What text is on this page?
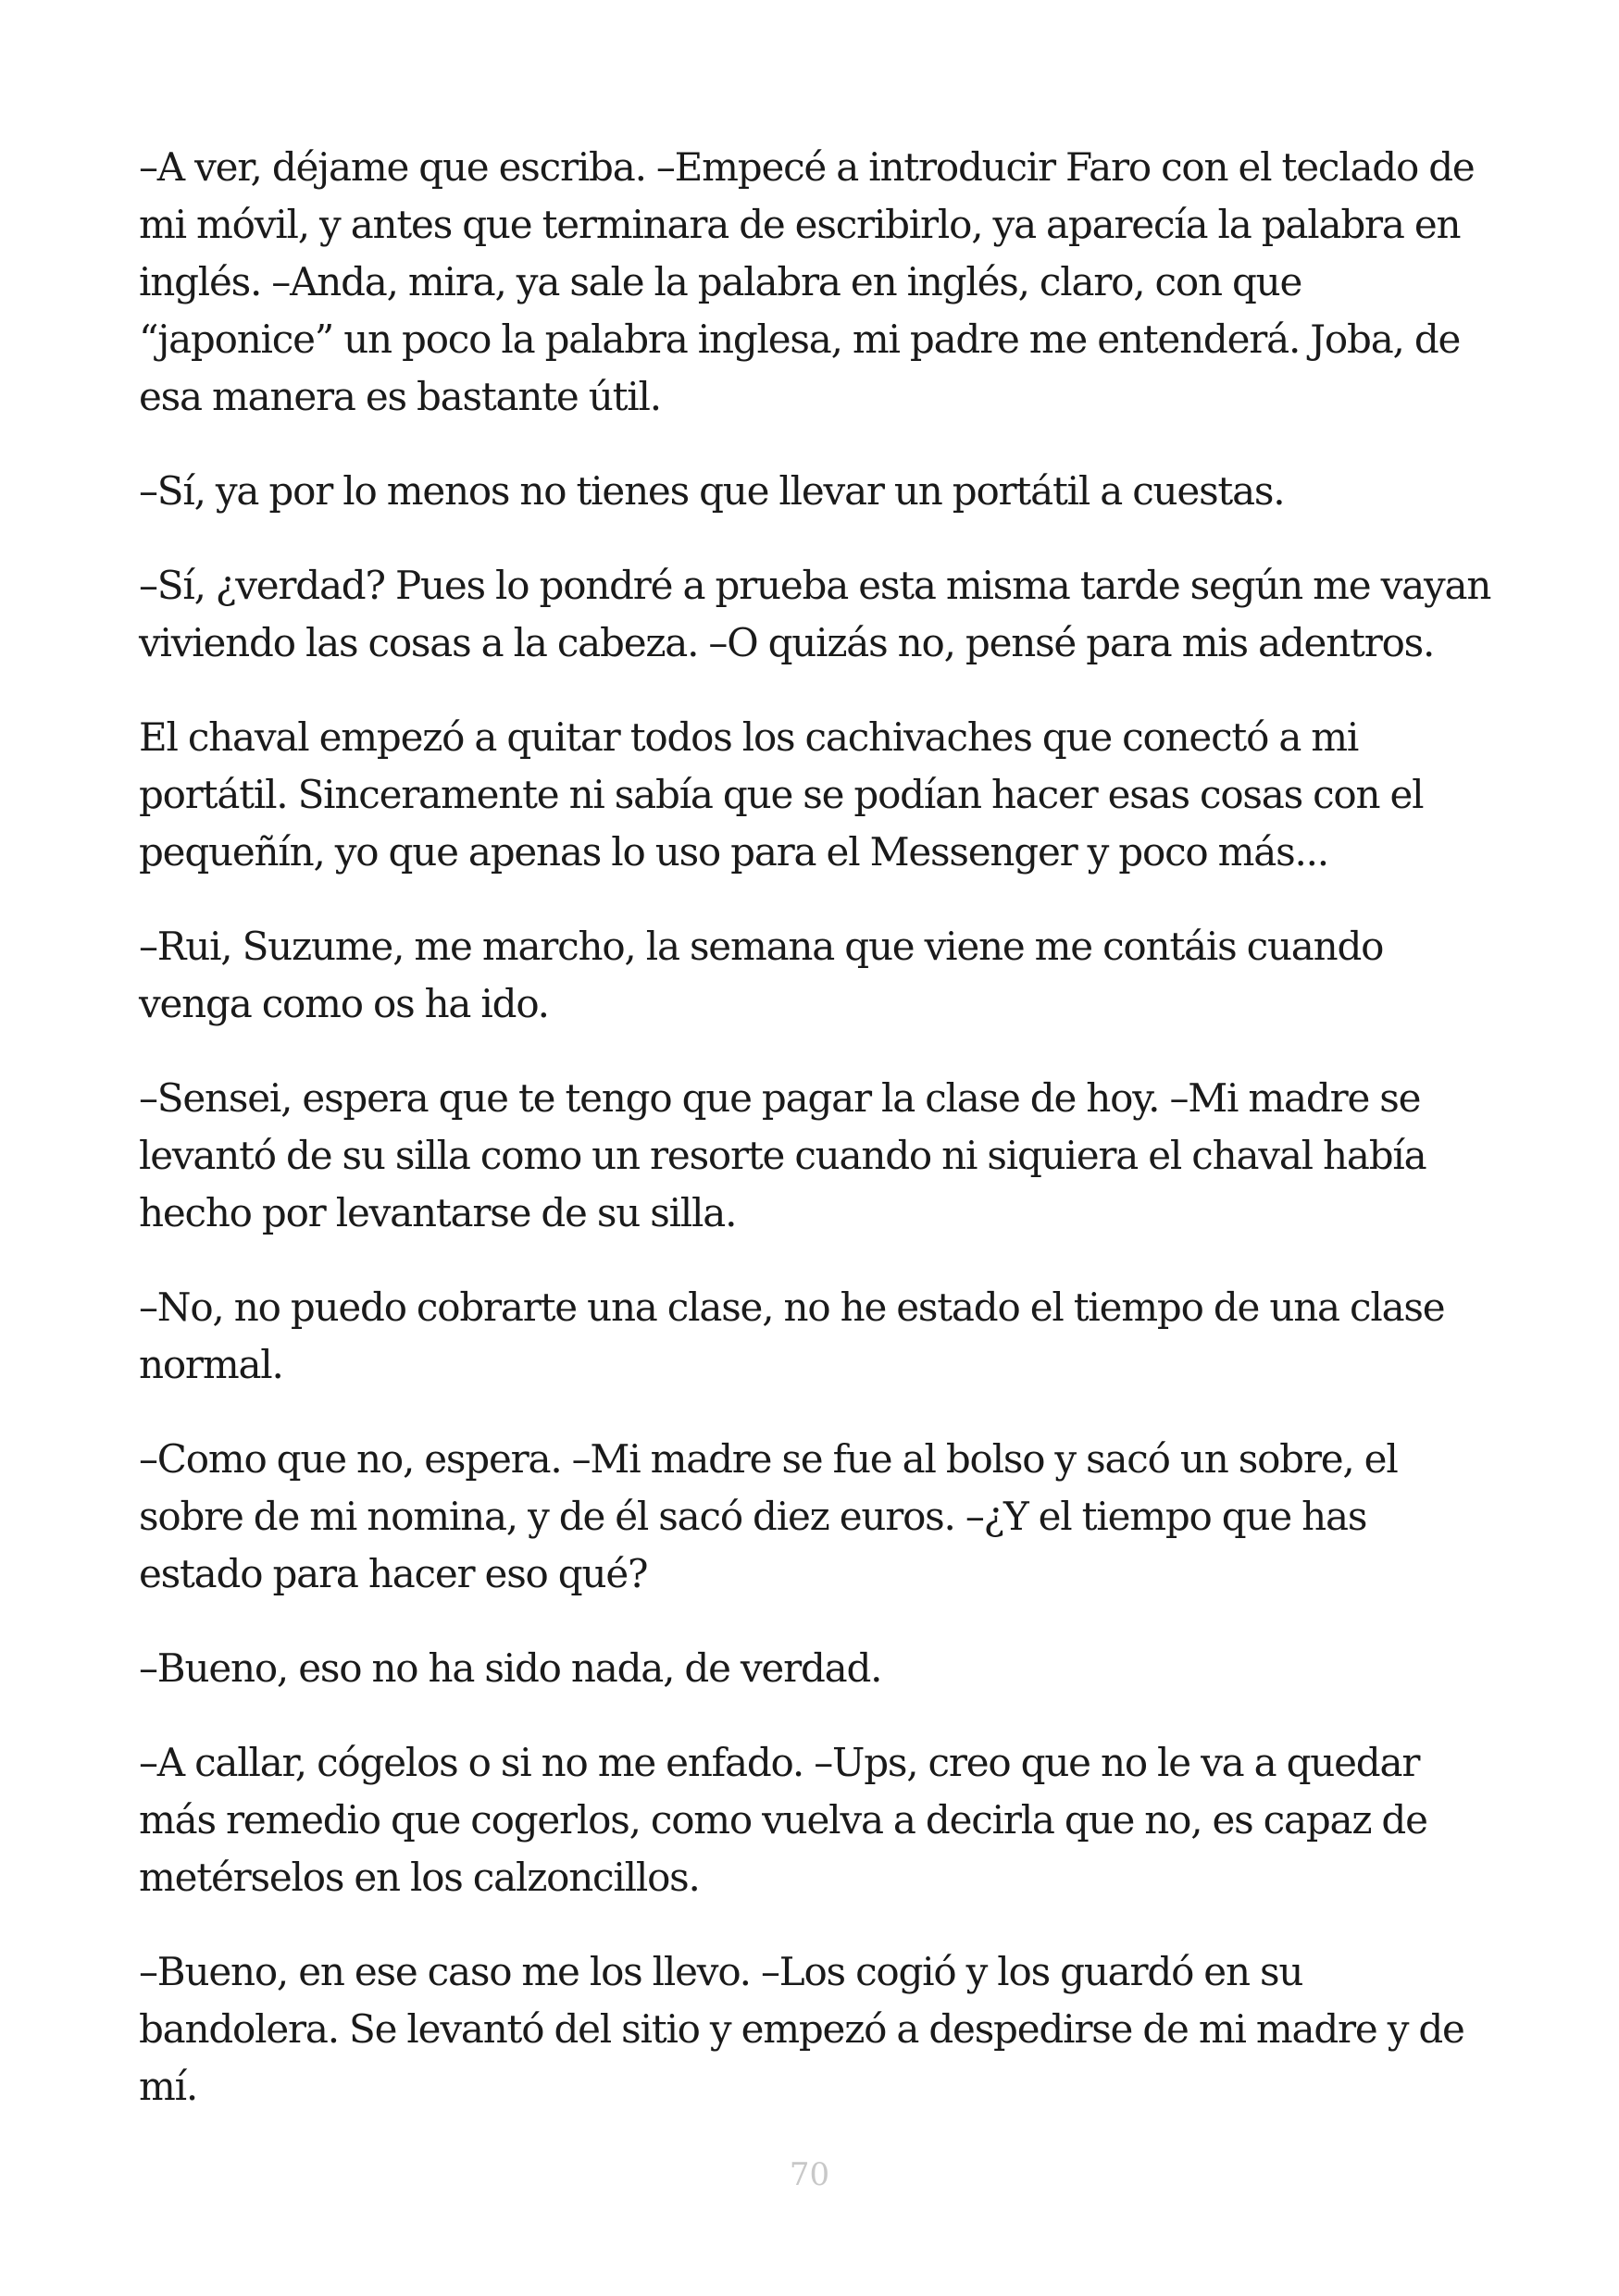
–A ver, déjame que escriba. –Empecé a introducir Faro con el teclado de mi móvil, y antes que terminara de escribirlo, ya aparecía la palabra en inglés. –Anda, mira, ya sale la palabra en inglés, claro, con que “japonice” un poco la palabra inglesa, mi padre me entenderá. Joba, de esa manera es bastante útil.

–Sí, ya por lo menos no tienes que llevar un portátil a cuestas.

–Sí, ¿verdad? Pues lo pondré a prueba esta misma tarde según me vayan viviendo las cosas a la cabeza. –O quizás no, pensé para mis adentros.

El chaval empezó a quitar todos los cachivaches que conectó a mi portátil. Sinceramente ni sabía que se podían hacer esas cosas con el pequeñín, yo que apenas lo uso para el Messenger y poco más...

–Rui, Suzume, me marcho, la semana que viene me contáis cuando venga como os ha ido.

–Sensei, espera que te tengo que pagar la clase de hoy. –Mi madre se levantó de su silla como un resorte cuando ni siquiera el chaval había hecho por levantarse de su silla.

–No, no puedo cobrarte una clase, no he estado el tiempo de una clase normal.

–Como que no, espera. –Mi madre se fue al bolso y sacó un sobre, el sobre de mi nomina, y de él sacó diez euros. –¿Y el tiempo que has estado para hacer eso qué?

–Bueno, eso no ha sido nada, de verdad.

–A callar, cógelos o si no me enfado. –Ups, creo que no le va a quedar más remedio que cogerlos, como vuelva a decirla que no, es capaz de metérselos en los calzoncillos.

–Bueno, en ese caso me los llevo. –Los cogió y los guardó en su bandolera. Se levantó del sitio y empezó a despedirse de mi madre y de mí.

70
